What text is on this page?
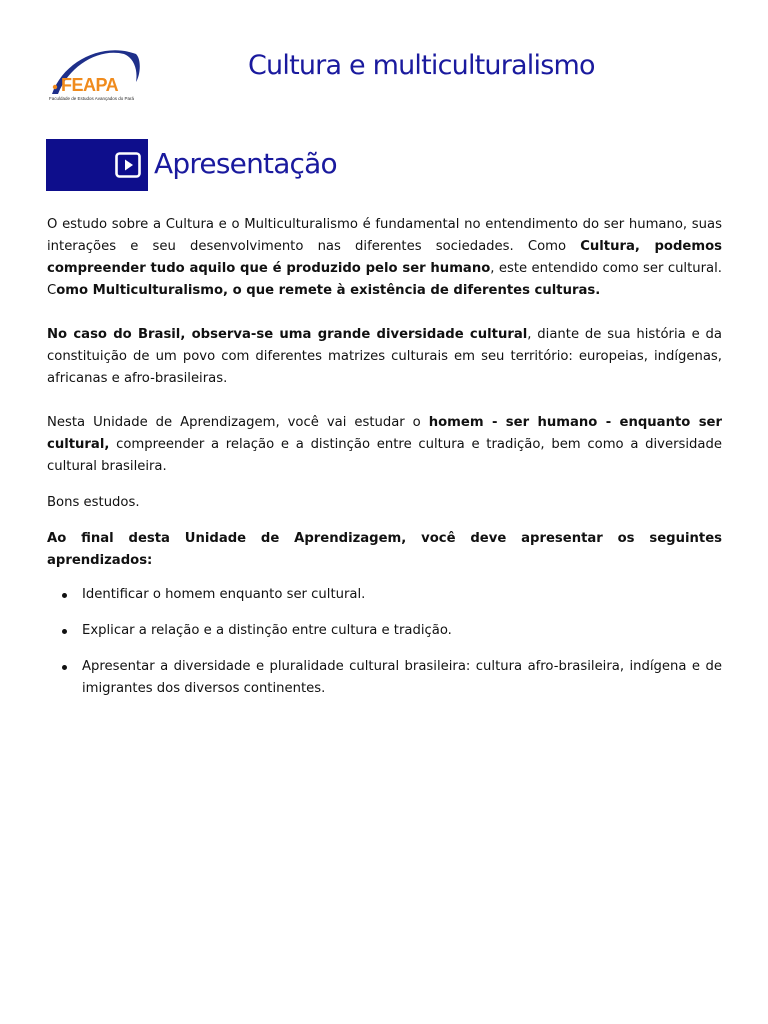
FEAPA
Faculdade de Estudos Avançados do Pará
Cultura e multiculturalismo
Apresentação

O estudo sobre a Cultura e o Multiculturalismo é fundamental no entendimento do ser humano, suas interações e seu desenvolvimento nas diferentes sociedades. Como Cultura, podemos compreender tudo aquilo que é produzido pelo ser humano, este entendido como ser cultural. Como Multiculturalismo, o que remete à existência de diferentes culturas.

No caso do Brasil, observa-se uma grande diversidade cultural, diante de sua história e da constituição de um povo com diferentes matrizes culturais em seu território: europeias, indígenas, africanas e afro-brasileiras.

Nesta Unidade de Aprendizagem, você vai estudar o homem - ser humano - enquanto ser cultural, compreender a relação e a distinção entre cultura e tradição, bem como a diversidade cultural brasileira.

Bons estudos.

Ao final desta Unidade de Aprendizagem, você deve apresentar os seguintes aprendizados:

Identificar o homem enquanto ser cultural.
Explicar a relação e a distinção entre cultura e tradição.
Apresentar a diversidade e pluralidade cultural brasileira: cultura afro-brasileira, indígena e de imigrantes dos diversos continentes.
